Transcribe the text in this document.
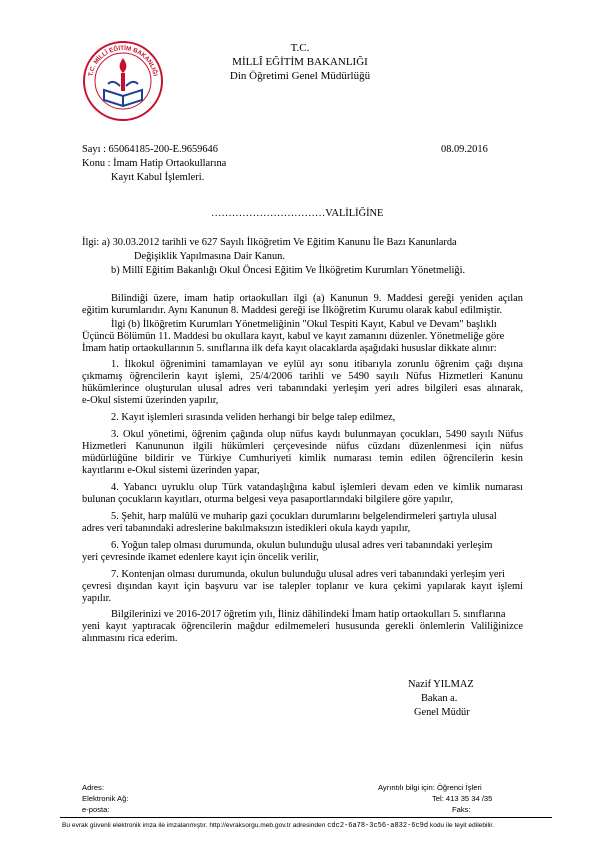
T.C. MİLLÎ EĞİTİM BAKANLIĞI
T.C.
MİLLÎ EĞİTİM BAKANLIĞI
Din Öğretimi Genel Müdürlüğü
Sayı : 65064185-200-E.9659646	08.09.2016
Konu : İmam Hatip Ortaokullarına
Kayıt Kabul İşlemleri.
……………………………VALİLİĞİNE
İlgi: a) 30.03.2012 tarihli ve 627 Sayılı İlköğretim Ve Eğitim Kanunu İle Bazı Kanunlarda
Değişiklik Yapılmasına Dair Kanun.
b) Millî Eğitim Bakanlığı Okul Öncesi Eğitim Ve İlköğretim Kurumları Yönetmeliği.
Bilindiği üzere, imam hatip ortaokulları ilgi (a) Kanunun 9. Maddesi gereği yeniden açılan
eğitim kurumlarıdır. Aynı Kanunun 8. Maddesi gereği ise İlköğretim Kurumu olarak kabul edilmiştir.
İlgi (b) İlköğretim Kurumları Yönetmeliğinin "Okul Tespiti Kayıt, Kabul ve Devam" başlıklı
Üçüncü Bölümün 11. Maddesi bu okullara kayıt, kabul ve kayıt zamanını düzenler. Yönetmeliğe göre
İmam hatip ortaokullarının 5. sınıflarına ilk defa kayıt olacaklarda aşağıdaki hususlar dikkate alınır:
1. İlkokul öğrenimini tamamlayan ve eylül ayı sonu itibarıyla zorunlu öğrenim çağı dışına
çıkmamış öğrencilerin kayıt işlemi, 25/4/2006 tarihli ve 5490 sayılı Nüfus Hizmetleri Kanunu
hükümlerince oluşturulan ulusal adres veri tabanındaki yerleşim yeri adres bilgileri esas alınarak,
e-Okul sistemi üzerinden yapılır,
2. Kayıt işlemleri sırasında veliden herhangi bir belge talep edilmez,
3. Okul yönetimi, öğrenim çağında olup nüfus kaydı bulunmayan çocukları, 5490 sayılı Nüfus
Hizmetleri Kanununun ilgili hükümleri çerçevesinde nüfus cüzdanı düzenlenmesi için nüfus
müdürlüğüne bildirir ve Türkiye Cumhuriyeti kimlik numarası temin edilen öğrencilerin kesin
kayıtlarını e-Okul sistemi üzerinden yapar,
4. Yabancı uyruklu olup Türk vatandaşlığına kabul işlemleri devam eden ve kimlik numarası
bulunan çocukların kayıtları, oturma belgesi veya pasaportlarındaki bilgilere göre yapılır,
5. Şehit, harp malûlü ve muharip gazi çocukları durumlarını belgelendirmeleri şartıyla ulusal
adres veri tabanındaki adreslerine bakılmaksızın istedikleri okula kaydı yapılır,
6. Yoğun talep olması durumunda, okulun bulunduğu ulusal adres veri tabanındaki yerleşim
yeri çevresinde ikamet edenlere kayıt için öncelik verilir,
7. Kontenjan olması durumunda, okulun bulunduğu ulusal adres veri tabanındaki yerleşim yeri
çevresi dışından kayıt için başvuru var ise talepler toplanır ve kura çekimi yapılarak kayıt işlemi
yapılır.
Bilgilerinizi ve 2016-2017 öğretim yılı, İliniz dâhilindeki İmam hatip ortaokulları 5. sınıflarına
yeni kayıt yaptıracak öğrencilerin mağdur edilmemeleri hususunda gerekli önlemlerin Valiliğinizce
alınmasını rica ederim.
Nazif YILMAZ
Bakan a.
Genel Müdür
Adres:
Elektronik Ağ:
e-posta:
Ayrıntılı bilgi için: Öğrenci İşleri
Tel: 413 35 34 /35
Faks:
Bu evrak güvenli elektronik imza ile imzalanmıştır. http://evraksorgu.meb.gov.tr adresinden cdc2-6a78-3c56-a832-6c9d kodu ile teyit edilebilir.
